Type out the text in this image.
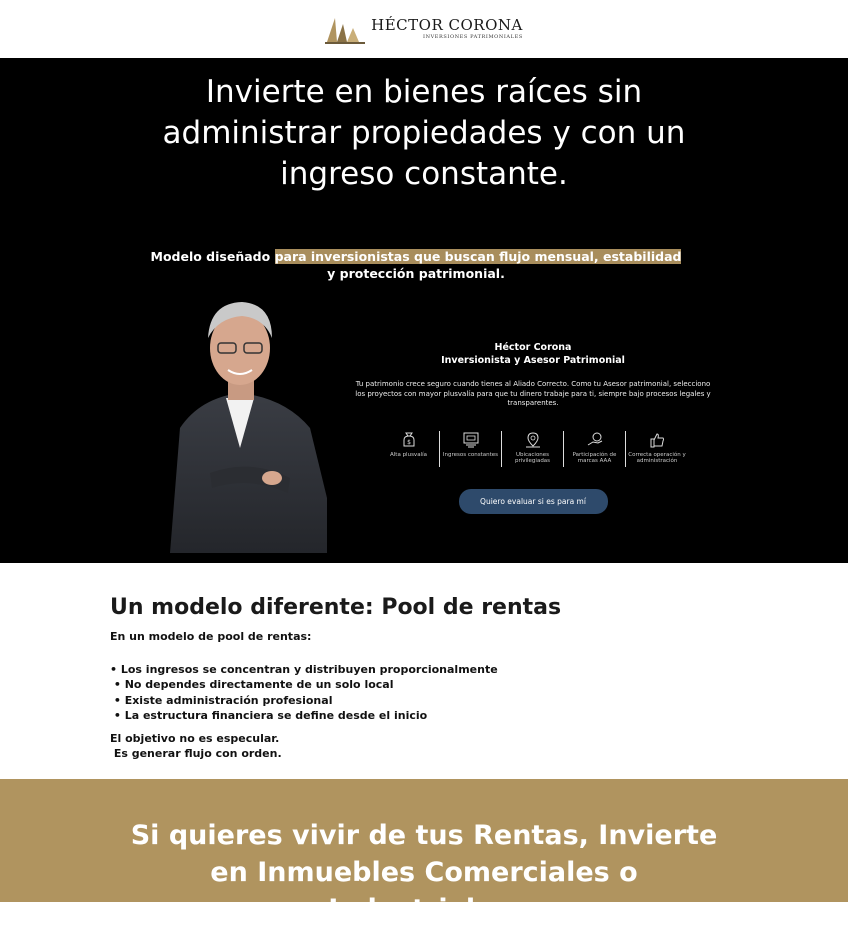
HÉCTOR CORONA
INVERSIONES PATRIMONIALES
Invierte en bienes raíces sin administrar propiedades y con un ingreso constante.

Modelo diseñado para inversionistas que buscan flujo mensual, estabilidad y protección patrimonial.

Héctor Corona
Inversionista y Asesor Patrimonial

Tu patrimonio crece seguro cuando tienes al Aliado Correcto. Como tu Asesor patrimonial, selecciono los proyectos con mayor plusvalía para que tu dinero trabaje para ti, siempre bajo procesos legales y transparentes.

$
Alta plusvalía	Ingresos constantes	Ubicaciones privilegiadas
Participación de marcas AAA
Correcta operación y administración
Quiero evaluar si es para mí
Un modelo diferente: Pool de rentas

En un modelo de pool de rentas:

• Los ingresos se concentran y distribuyen proporcionalmente
• No dependes directamente de un solo local
• Existe administración profesional
• La estructura financiera se define desde el inicio

El objetivo no es especular.

Es generar flujo con orden.

Si quieres vivir de tus Rentas, Invierte en Inmuebles Comerciales o Industriales.
